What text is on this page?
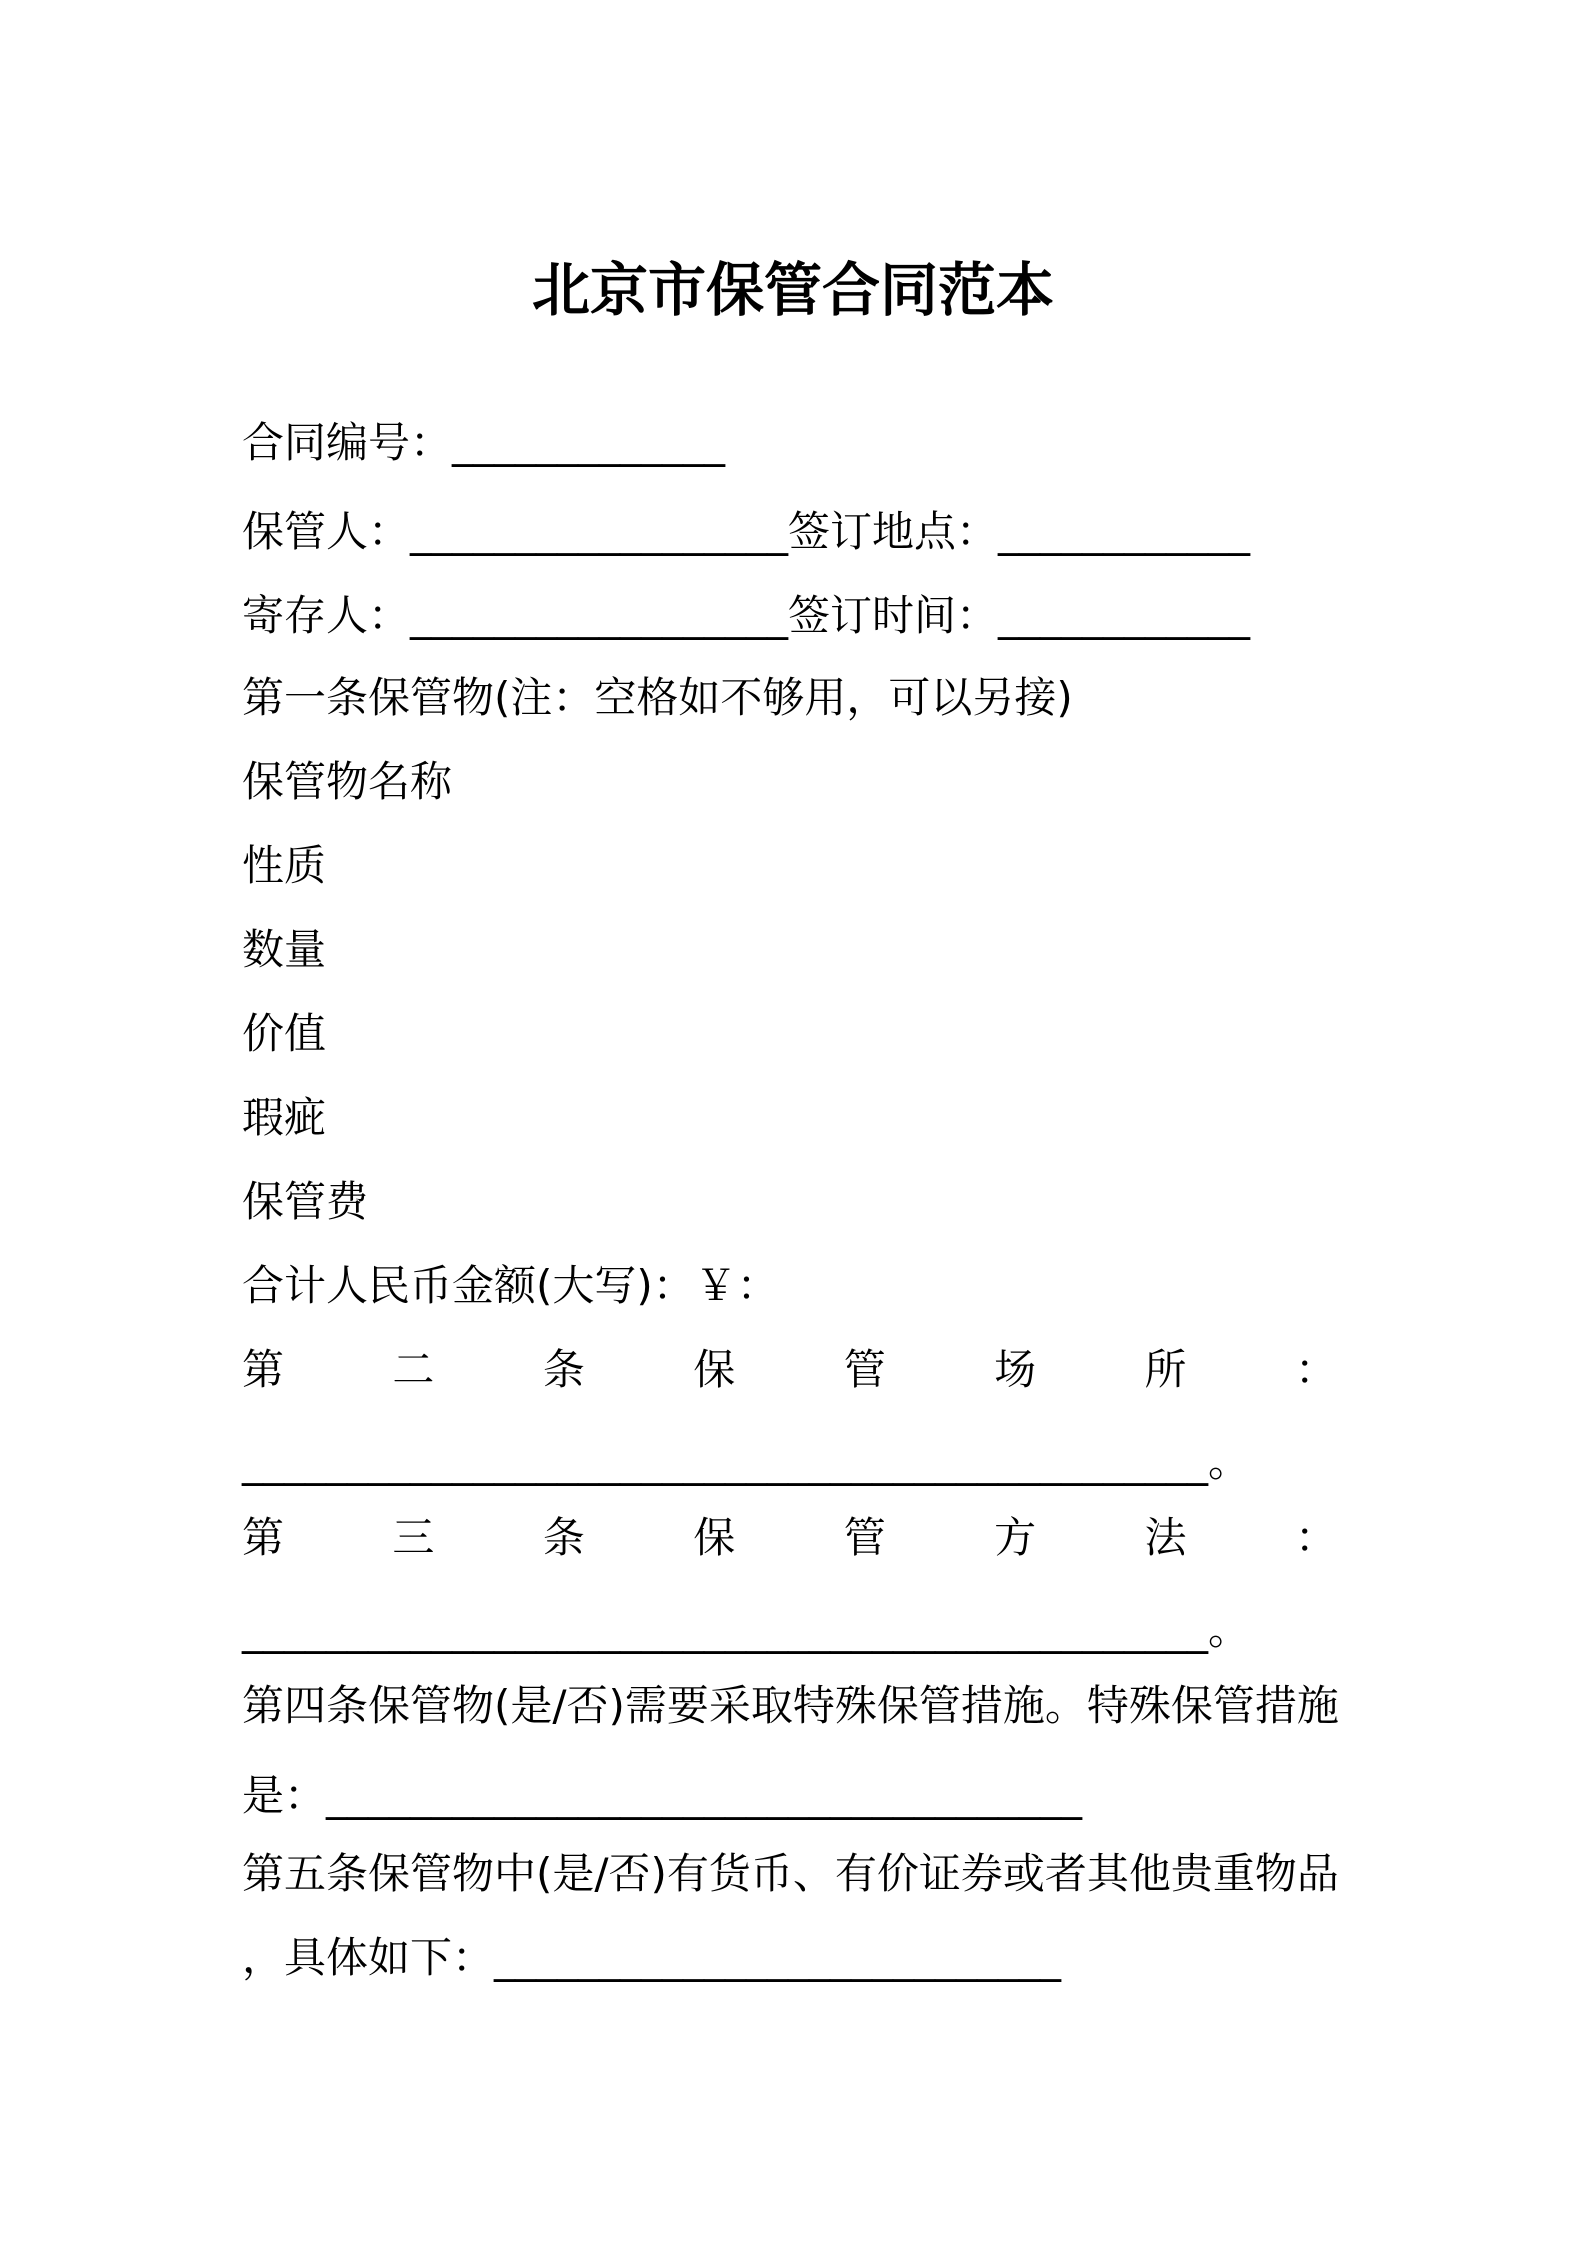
北京市保管合同范本
合同编号：_____________
保管人：__________________签订地点：____________
寄存人：__________________签订时间：____________
第一条保管物(注：空格如不够用，可以另接)
保管物名称
性质
数量
价值
瑕疵
保管费
合计人民币金额(大写)：￥：
第	二	条	保	管	场	所	：
______________________________________________。
第	三	条	保	管	方	法	：
______________________________________________。
第四条保管物(是/否)需要采取特殊保管措施。特殊保管措施
是：____________________________________
第五条保管物中(是/否)有货币、有价证券或者其他贵重物品
，具体如下：___________________________
